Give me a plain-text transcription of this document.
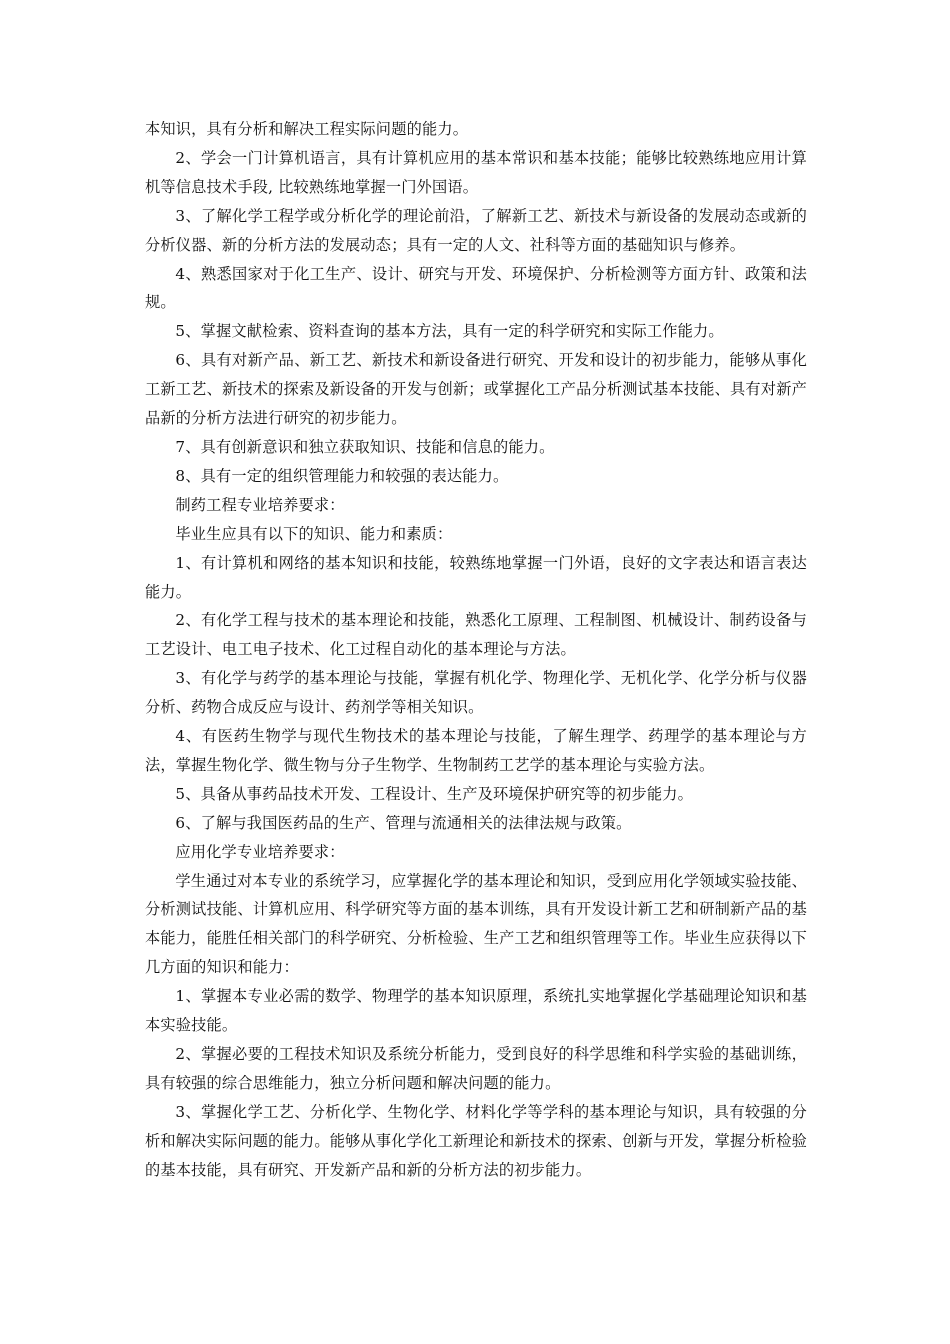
本知识，具有分析和解决工程实际问题的能力。

2、学会一门计算机语言，具有计算机应用的基本常识和基本技能；能够比较熟练地应用计算机等信息技术手段, 比较熟练地掌握一门外国语。

3、了解化学工程学或分析化学的理论前沿，了解新工艺、新技术与新设备的发展动态或新的分析仪器、新的分析方法的发展动态；具有一定的人文、社科等方面的基础知识与修养。

4、熟悉国家对于化工生产、设计、研究与开发、环境保护、分析检测等方面方针、政策和法规。

5、掌握文献检索、资料查询的基本方法，具有一定的科学研究和实际工作能力。

6、具有对新产品、新工艺、新技术和新设备进行研究、开发和设计的初步能力，能够从事化工新工艺、新技术的探索及新设备的开发与创新；或掌握化工产品分析测试基本技能、具有对新产品新的分析方法进行研究的初步能力。

7、具有创新意识和独立获取知识、技能和信息的能力。

8、具有一定的组织管理能力和较强的表达能力。

制药工程专业培养要求：

毕业生应具有以下的知识、能力和素质：

1、有计算机和网络的基本知识和技能，较熟练地掌握一门外语，良好的文字表达和语言表达能力。

2、有化学工程与技术的基本理论和技能，熟悉化工原理、工程制图、机械设计、制药设备与工艺设计、电工电子技术、化工过程自动化的基本理论与方法。

3、有化学与药学的基本理论与技能，掌握有机化学、物理化学、无机化学、化学分析与仪器分析、药物合成反应与设计、药剂学等相关知识。

4、有医药生物学与现代生物技术的基本理论与技能，了解生理学、药理学的基本理论与方法，掌握生物化学、微生物与分子生物学、生物制药工艺学的基本理论与实验方法。

5、具备从事药品技术开发、工程设计、生产及环境保护研究等的初步能力。

6、了解与我国医药品的生产、管理与流通相关的法律法规与政策。

应用化学专业培养要求：

学生通过对本专业的系统学习，应掌握化学的基本理论和知识，受到应用化学领域实验技能、分析测试技能、计算机应用、科学研究等方面的基本训练，具有开发设计新工艺和研制新产品的基本能力，能胜任相关部门的科学研究、分析检验、生产工艺和组织管理等工作。毕业生应获得以下几方面的知识和能力：

1、掌握本专业必需的数学、物理学的基本知识原理，系统扎实地掌握化学基础理论知识和基本实验技能。

2、掌握必要的工程技术知识及系统分析能力，受到良好的科学思维和科学实验的基础训练，具有较强的综合思维能力，独立分析问题和解决问题的能力。

3、掌握化学工艺、分析化学、生物化学、材料化学等学科的基本理论与知识，具有较强的分析和解决实际问题的能力。能够从事化学化工新理论和新技术的探索、创新与开发，掌握分析检验的基本技能，具有研究、开发新产品和新的分析方法的初步能力。
